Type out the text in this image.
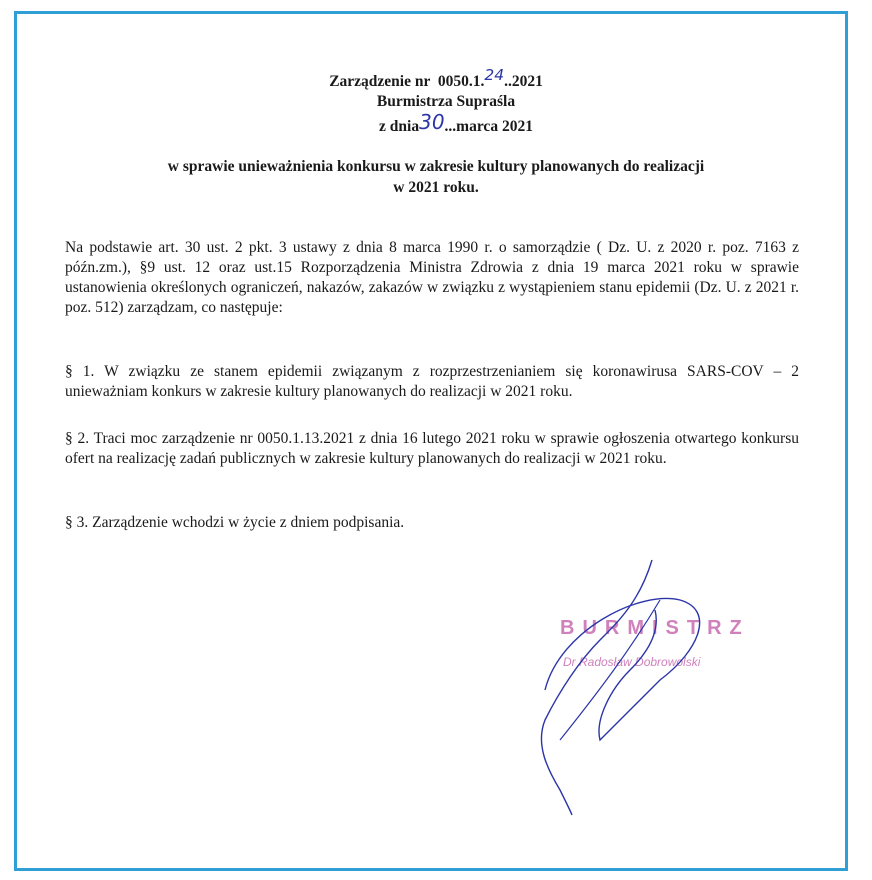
Zarządzenie nr  0050.1.24..2021
Burmistrza Supraśla
z dnia30...marca 2021
w sprawie unieważnienia konkursu w zakresie kultury planowanych do realizacji
w 2021 roku.
Na podstawie art. 30 ust. 2 pkt. 3 ustawy z dnia 8 marca 1990 r. o samorządzie ( Dz. U. z 2020 r. poz. 7163 z późn.zm.), §9 ust. 12 oraz ust.15 Rozporządzenia Ministra Zdrowia z dnia 19 marca 2021 roku w sprawie ustanowienia określonych ograniczeń, nakazów, zakazów w związku z wystąpieniem stanu epidemii (Dz. U. z 2021 r. poz. 512) zarządzam, co następuje:
§ 1. W związku ze stanem epidemii związanym z rozprzestrzenianiem się koronawirusa SARS-COV – 2 unieważniam konkurs w zakresie kultury planowanych do realizacji w 2021 roku.
§ 2. Traci moc zarządzenie nr 0050.1.13.2021 z dnia 16 lutego 2021 roku w sprawie ogłoszenia otwartego konkursu ofert na realizację zadań publicznych w zakresie kultury planowanych do realizacji w 2021 roku.
§ 3. Zarządzenie wchodzi w życie z dniem podpisania.
BURMISTRZ
Dr Radosław Dobrowolski
